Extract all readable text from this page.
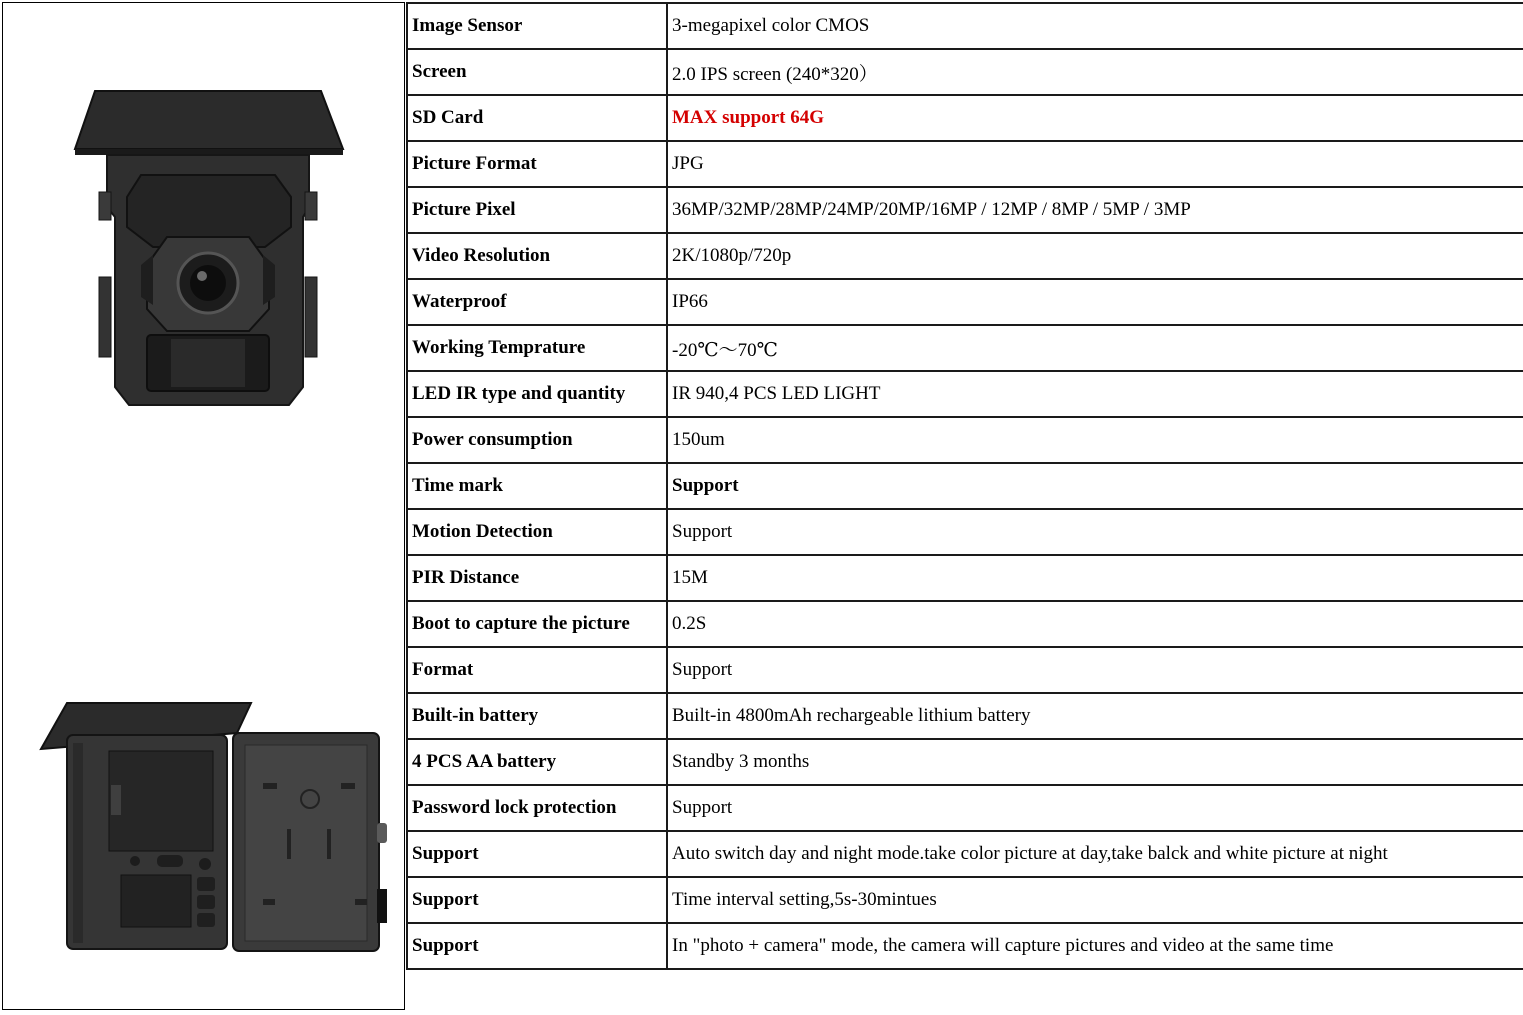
Image Sensor	3-megapixel color CMOS
Screen	2.0 IPS screen (240*320）
SD Card	MAX support 64G
Picture Format	JPG
Picture Pixel	36MP/32MP/28MP/24MP/20MP/16MP / 12MP / 8MP / 5MP / 3MP
Video Resolution	2K/1080p/720p
Waterproof	IP66
Working Temprature	-20℃～70℃
LED IR type and quantity	IR 940,4 PCS LED LIGHT
Power consumption	150um
Time mark	Support
Motion Detection	Support
PIR Distance	15M
Boot to capture the picture	0.2S
Format	Support
Built-in battery	Built-in 4800mAh rechargeable lithium battery
4 PCS AA battery	Standby 3 months
Password lock protection	Support
Support	Auto switch day and night mode.take color picture at day,take balck and white picture at night
Support	Time interval setting,5s-30mintues
Support	In "photo + camera" mode, the camera will capture pictures and video at the same time
